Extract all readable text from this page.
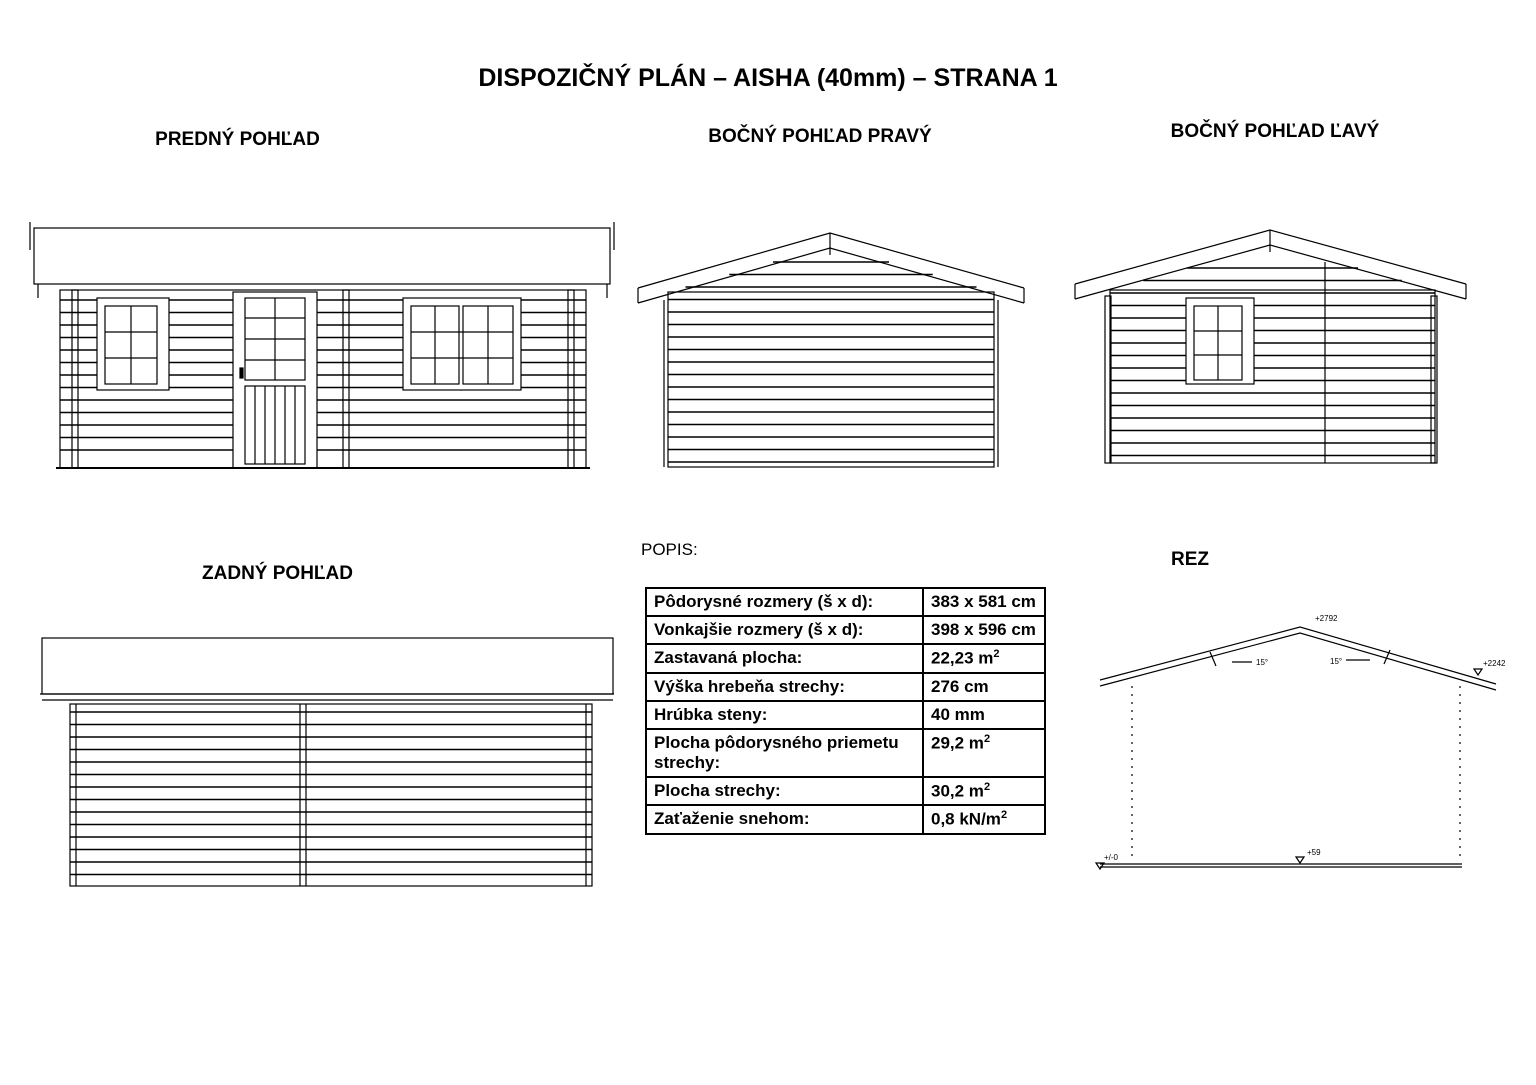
DISPOZIČNÝ PLÁN – AISHA (40mm) – STRANA 1
PREDNÝ POHĽAD	BOČNÝ POHĽAD PRAVÝ	BOČNÝ POHĽAD ĽAVÝ
ZADNÝ POHĽAD
REZ
POPIS:
Pôdorysné rozmery (š x d):	383 x 581 cm
Vonkajšie rozmery (š x d):	398 x 596 cm
Zastavaná plocha:	22,23 $m^2$
Výška hrebeňa strechy:	276 cm
Hrúbka steny:	40 mm
Plocha pôdorysného priemetu strechy:	29,2 $m^2$
Plocha strechy:	30,2 $m^2$
Zaťaženie snehom:	0,8 $kN/m^2$
+2792
+2242
15°	15°
+59
+/-0
